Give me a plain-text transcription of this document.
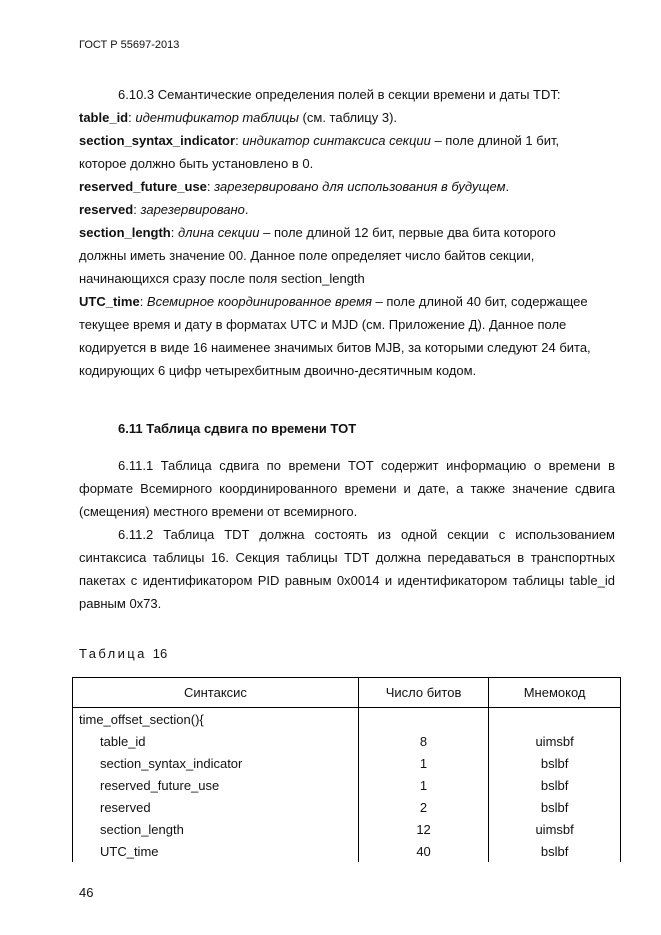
ГОСТ Р 55697-2013
6.10.3 Семантические определения полей в секции времени и даты TDT:
table_id: идентификатор таблицы (см. таблицу 3).
section_syntax_indicator: индикатор синтаксиса секции – поле длиной 1 бит,
которое должно быть установлено в 0.
reserved_future_use: зарезервировано для использования в будущем.
reserved: зарезервировано.
section_length: длина секции – поле длиной 12 бит, первые два бита которого
должны иметь значение 00. Данное поле определяет число байтов секции,
начинающихся сразу после поля section_length
UTC_time: Всемирное координированное время – поле длиной 40 бит, содержащее
текущее время и дату в форматах UTC и MJD (см. Приложение Д). Данное поле
кодируется в виде 16 наименее значимых битов MJB, за которыми следуют 24 бита,
кодирующих 6 цифр четырехбитным двоично-десятичным кодом.
6.11 Таблица сдвига по времени TOT
6.11.1 Таблица сдвига по времени TOT содержит информацию о времени в
формате Всемирного координированного времени и дате, а также значение сдвига
(смещения) местного времени от всемирного.
6.11.2 Таблица TDT должна состоять из одной секции с использованием
синтаксиса таблицы 16. Секция таблицы TDT должна передаваться в транспортных
пакетах с идентификатором PID равным 0x0014 и идентификатором таблицы table_id
равным 0x73.
Таблица 16
Синтаксис	Число битов	Мнемокод
time_offset_section(){		
table_id	8	uimsbf
section_syntax_indicator	1	bslbf
reserved_future_use	1	bslbf
reserved	2	bslbf
section_length	12	uimsbf
UTC_time	40	bslbf
46
